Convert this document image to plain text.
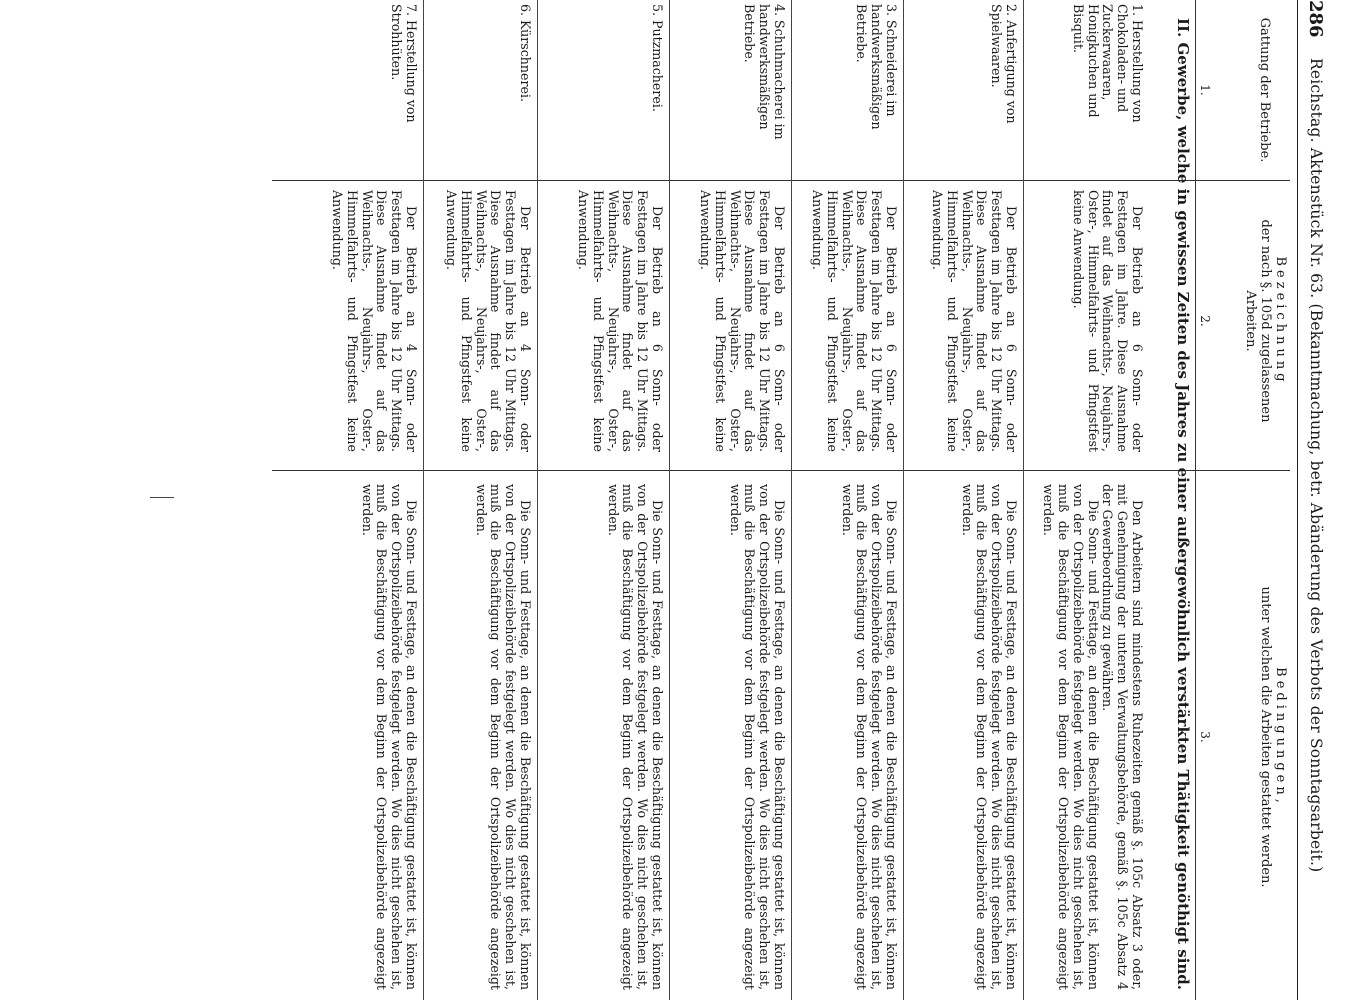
286
Reichstag. Aktenstück Nr. 63. (Bekanntmachung, betr. Abänderung des Verbots der Sonntagsarbeit.)
Gattung der Betriebe.
Bezeichnung
der nach §. 105d zugelassenen Arbeiten.
Bedingungen,
unter welchen die Arbeiten gestattet werden.
1.
2.
3.
II. Gewerbe, welche in gewissen Zeiten des Jahres zu einer außergewöhnlich verstärkten Thätigkeit genöthigt sind.
1. Herstellung von Chokoladen- und Zuckerwaaren, Honigkuchen und Bisquit.
Der Betrieb an 6 Sonn- oder Festtagen im Jahre. Diese Ausnahme findet auf das Weihnachts-, Neujahrs-, Oster-, Himmelfahrts- und Pfingstfest keine Anwendung.
Den Arbeitern sind mindestens Ruhezeiten gemäß §. 105c Absatz 3 oder, mit Genehmigung der unteren Verwaltungsbehörde, gemäß §. 105c Absatz 4 der Gewerbeordnung zu gewähren.
Die Sonn- und Festtage, an denen die Beschäftigung gestattet ist, können von der Ortspolizeibehörde festgelegt werden. Wo dies nicht geschehen ist, muß die Beschäftigung vor dem Beginn der Ortspolizeibehörde angezeigt werden.
2. Anfertigung von Spielwaaren.
Der Betrieb an 6 Sonn- oder Festtagen im Jahre bis 12 Uhr Mittags. Diese Ausnahme findet auf das Weihnachts-, Neujahrs-, Oster-, Himmelfahrts- und Pfingstfest keine Anwendung.
Die Sonn- und Festtage, an denen die Beschäftigung gestattet ist, können von der Ortspolizeibehörde festgelegt werden. Wo dies nicht geschehen ist, muß die Beschäftigung vor dem Beginn der Ortspolizeibehörde angezeigt werden.
3. Schneiderei im handwerksmäßigen Betriebe.
Der Betrieb an 6 Sonn- oder Festtagen im Jahre bis 12 Uhr Mittags. Diese Ausnahme findet auf das Weihnachts-, Neujahrs-, Oster-, Himmelfahrts- und Pfingstfest keine Anwendung.
Die Sonn- und Festtage, an denen die Beschäftigung gestattet ist, können von der Ortspolizeibehörde festgelegt werden. Wo dies nicht geschehen ist, muß die Beschäftigung vor dem Beginn der Ortspolizeibehörde angezeigt werden.
4. Schuhmacherei im handwerksmäßigen Betriebe.
Der Betrieb an 6 Sonn- oder Festtagen im Jahre bis 12 Uhr Mittags. Diese Ausnahme findet auf das Weihnachts-, Neujahrs-, Oster-, Himmelfahrts- und Pfingstfest keine Anwendung.
Die Sonn- und Festtage, an denen die Beschäftigung gestattet ist, können von der Ortspolizeibehörde festgelegt werden. Wo dies nicht geschehen ist, muß die Beschäftigung vor dem Beginn der Ortspolizeibehörde angezeigt werden.
5. Putzmacherei.
Der Betrieb an 6 Sonn- oder Festtagen im Jahre bis 12 Uhr Mittags. Diese Ausnahme findet auf das Weihnachts-, Neujahrs-, Oster-, Himmelfahrts- und Pfingstfest keine Anwendung.
Die Sonn- und Festtage, an denen die Beschäftigung gestattet ist, können von der Ortspolizeibehörde festgelegt werden. Wo dies nicht geschehen ist, muß die Beschäftigung vor dem Beginn der Ortspolizeibehörde angezeigt werden.
6. Kürschnerei.
Der Betrieb an 4 Sonn- oder Festtagen im Jahre bis 12 Uhr Mittags. Diese Ausnahme findet auf das Weihnachts-, Neujahrs-, Oster-, Himmelfahrts- und Pfingstfest keine Anwendung.
Die Sonn- und Festtage, an denen die Beschäftigung gestattet ist, können von der Ortspolizeibehörde festgelegt werden. Wo dies nicht geschehen ist, muß die Beschäftigung vor dem Beginn der Ortspolizeibehörde angezeigt werden.
7. Herstellung von Strohhüten.
Der Betrieb an 4 Sonn- oder Festtagen im Jahre bis 12 Uhr Mittags. Diese Ausnahme findet auf das Weihnachts-, Neujahrs-, Oster-, Himmelfahrts- und Pfingstfest keine Anwendung.
Die Sonn- und Festtage, an denen die Beschäftigung gestattet ist, können von der Ortspolizeibehörde festgelegt werden. Wo dies nicht geschehen ist, muß die Beschäftigung vor dem Beginn der Ortspolizeibehörde angezeigt werden.
